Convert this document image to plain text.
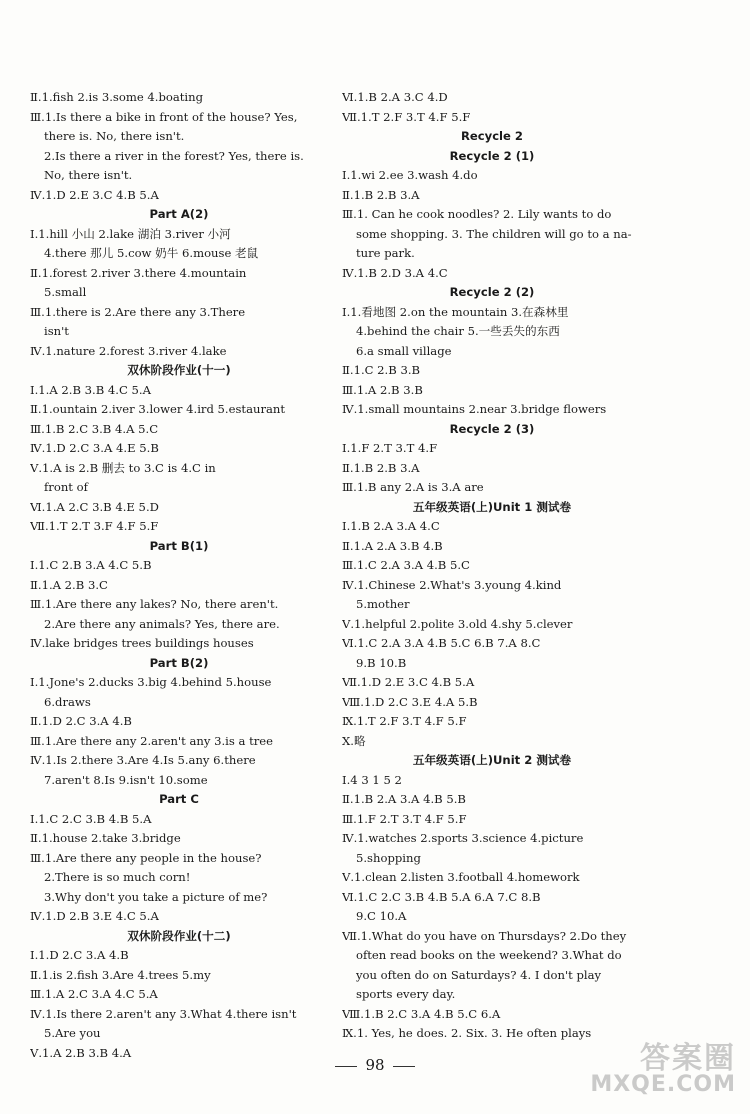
Ⅱ.1.fish 2.is 3.some 4.boating
Ⅲ.1.Is there a bike in front of the house? Yes,
there is. No, there isn't.
2.Is there a river in the forest? Yes, there is.
No, there isn't.
Ⅳ.1.D 2.E 3.C 4.B 5.A
Part A(2)
Ⅰ.1.hill 小山 2.lake 湖泊 3.river 小河
4.there 那儿 5.cow 奶牛 6.mouse 老鼠
Ⅱ.1.forest 2.river 3.there 4.mountain
5.small
Ⅲ.1.there is 2.Are there any 3.There
isn't
Ⅳ.1.nature 2.forest 3.river 4.lake
双休阶段作业(十一)
Ⅰ.1.A 2.B 3.B 4.C 5.A
Ⅱ.1.ountain 2.iver 3.lower 4.ird 5.estaurant
Ⅲ.1.B 2.C 3.B 4.A 5.C
Ⅳ.1.D 2.C 3.A 4.E 5.B
Ⅴ.1.A is 2.B 删去 to 3.C is 4.C in
front of
Ⅵ.1.A 2.C 3.B 4.E 5.D
Ⅶ.1.T 2.T 3.F 4.F 5.F
Part B(1)
Ⅰ.1.C 2.B 3.A 4.C 5.B
Ⅱ.1.A 2.B 3.C
Ⅲ.1.Are there any lakes? No, there aren't.
2.Are there any animals? Yes, there are.
Ⅳ.lake bridges trees buildings houses
Part B(2)
Ⅰ.1.Jone's 2.ducks 3.big 4.behind 5.house
6.draws
Ⅱ.1.D 2.C 3.A 4.B
Ⅲ.1.Are there any 2.aren't any 3.is a tree
Ⅳ.1.Is 2.there 3.Are 4.Is 5.any 6.there
7.aren't 8.Is 9.isn't 10.some
Part C
Ⅰ.1.C 2.C 3.B 4.B 5.A
Ⅱ.1.house 2.take 3.bridge
Ⅲ.1.Are there any people in the house?
2.There is so much corn!
3.Why don't you take a picture of me?
Ⅳ.1.D 2.B 3.E 4.C 5.A
双休阶段作业(十二)
Ⅰ.1.D 2.C 3.A 4.B
Ⅱ.1.is 2.fish 3.Are 4.trees 5.my
Ⅲ.1.A 2.C 3.A 4.C 5.A
Ⅳ.1.Is there 2.aren't any 3.What 4.there isn't
5.Are you
Ⅴ.1.A 2.B 3.B 4.A
Ⅵ.1.B 2.A 3.C 4.D
Ⅶ.1.T 2.F 3.T 4.F 5.F
Recycle 2
Recycle 2 (1)
Ⅰ.1.wi 2.ee 3.wash 4.do
Ⅱ.1.B 2.B 3.A
Ⅲ.1. Can he cook noodles? 2. Lily wants to do
some shopping. 3. The children will go to a na-
ture park.
Ⅳ.1.B 2.D 3.A 4.C
Recycle 2 (2)
Ⅰ.1.看地图 2.on the mountain 3.在森林里
4.behind the chair 5.一些丢失的东西
6.a small village
Ⅱ.1.C 2.B 3.B
Ⅲ.1.A 2.B 3.B
Ⅳ.1.small mountains 2.near 3.bridge flowers
Recycle 2 (3)
Ⅰ.1.F 2.T 3.T 4.F
Ⅱ.1.B 2.B 3.A
Ⅲ.1.B any 2.A is 3.A are
五年级英语(上)Unit 1 测试卷
Ⅰ.1.B 2.A 3.A 4.C
Ⅱ.1.A 2.A 3.B 4.B
Ⅲ.1.C 2.A 3.A 4.B 5.C
Ⅳ.1.Chinese 2.What's 3.young 4.kind
5.mother
Ⅴ.1.helpful 2.polite 3.old 4.shy 5.clever
Ⅵ.1.C 2.A 3.A 4.B 5.C 6.B 7.A 8.C
9.B 10.B
Ⅶ.1.D 2.E 3.C 4.B 5.A
Ⅷ.1.D 2.C 3.E 4.A 5.B
Ⅸ.1.T 2.F 3.T 4.F 5.F
Ⅹ.略
五年级英语(上)Unit 2 测试卷
Ⅰ.4 3 1 5 2
Ⅱ.1.B 2.A 3.A 4.B 5.B
Ⅲ.1.F 2.T 3.T 4.F 5.F
Ⅳ.1.watches 2.sports 3.science 4.picture
5.shopping
Ⅴ.1.clean 2.listen 3.football 4.homework
Ⅵ.1.C 2.C 3.B 4.B 5.A 6.A 7.C 8.B
9.C 10.A
Ⅶ.1.What do you have on Thursdays? 2.Do they
often read books on the weekend? 3.What do
you often do on Saturdays? 4. I don't play
sports every day.
Ⅷ.1.B 2.C 3.A 4.B 5.C 6.A
Ⅸ.1. Yes, he does. 2. Six. 3. He often plays
98	答案圈
MXQE.COM
